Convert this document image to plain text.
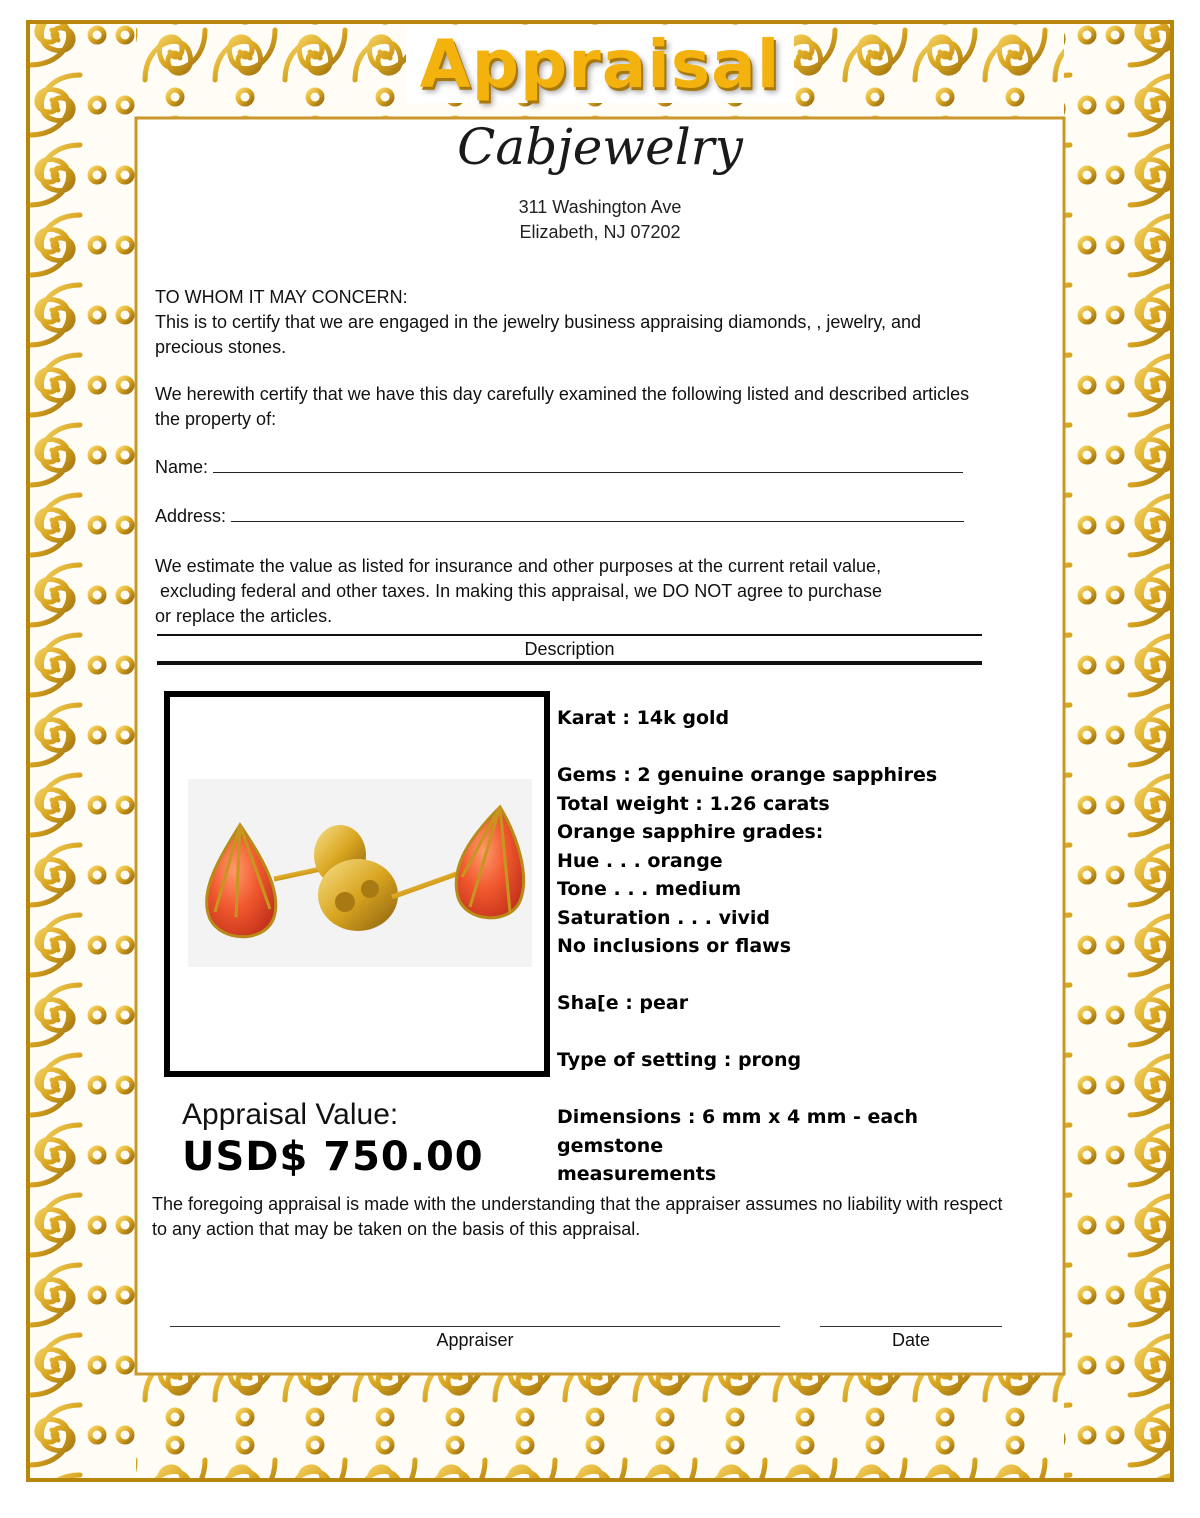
Appraisal
Cabjewelry
311 Washington Ave
Elizabeth, NJ 07202
TO WHOM IT MAY CONCERN:
This is to certify that we are engaged in the jewelry business appraising diamonds, , jewelry, and precious stones.
We herewith certify that we have this day carefully examined the following listed and described articles the property of:
Name:
Address:
We estimate the value as listed for insurance and other purposes at the current retail value,
excluding federal and other taxes. In making this appraisal, we DO NOT agree to purchase
or replace the articles.
Description
Karat : 14k gold
Gems : 2 genuine orange sapphires
Total weight : 1.26 carats
Orange sapphire grades:
Hue . . . orange
Tone . . . medium
Saturation . . . vivid
No inclusions or flaws
Sha[e : pear
Type of setting : prong
Dimensions : 6 mm x 4 mm - each gemstone
measurements
Appraisal Value:
USD$ 750.00
The foregoing appraisal is made with the understanding that the appraiser assumes no liability with respect to any action that may be taken on the basis of this appraisal.
Appraiser	Date
